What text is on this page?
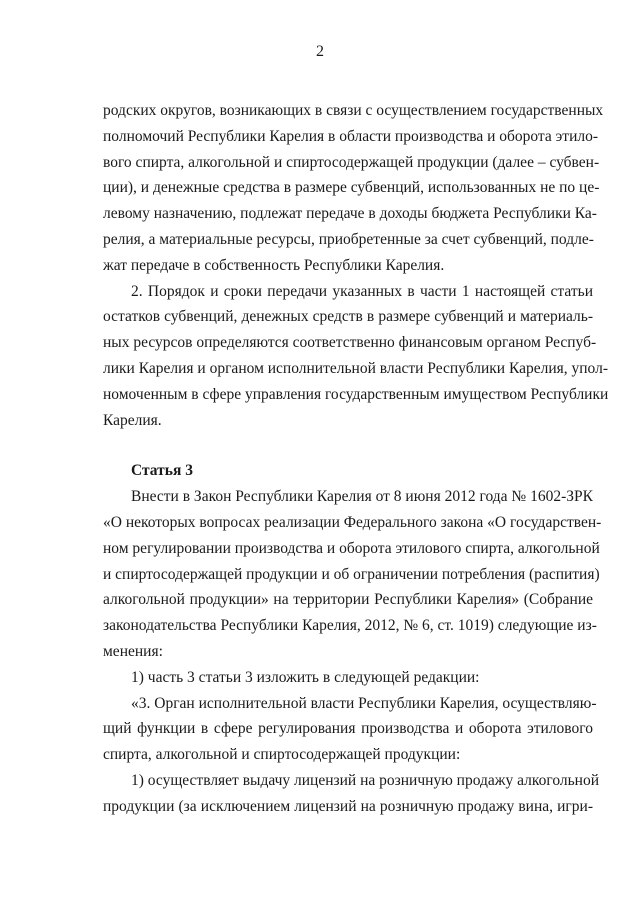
2
родских округов, возникающих в связи с осуществлением государственных
полномочий Республики Карелия в области производства и оборота этило-
вого спирта, алкогольной и спиртосодержащей продукции (далее – субвен-
ции), и денежные средства в размере субвенций, использованных не по це-
левому назначению, подлежат передаче в доходы бюджета Республики Ка-
релия, а материальные ресурсы, приобретенные за счет субвенций, подле-
жат передаче в собственность Республики Карелия.
2. Порядок и сроки передачи указанных в части 1 настоящей статьи
остатков субвенций, денежных средств в размере субвенций и материаль-
ных ресурсов определяются соответственно финансовым органом Респуб-
лики Карелия и органом исполнительной власти Республики Карелия, упол-
номоченным в сфере управления государственным имуществом Республики
Карелия.
Статья 3
Внести в Закон Республики Карелия от 8 июня 2012 года № 1602-ЗРК
«О некоторых вопросах реализации Федерального закона «О государствен-
ном регулировании производства и оборота этилового спирта, алкогольной
и спиртосодержащей продукции и об ограничении потребления (распития)
алкогольной продукции» на территории Республики Карелия» (Собрание
законодательства Республики Карелия, 2012, № 6, ст. 1019) следующие из-
менения:
1) часть 3 статьи 3 изложить в следующей редакции:
«3. Орган исполнительной власти Республики Карелия, осуществляю-
щий функции в сфере регулирования производства и оборота этилового
спирта, алкогольной и спиртосодержащей продукции:
1) осуществляет выдачу лицензий на розничную продажу алкогольной
продукции (за исключением лицензий на розничную продажу вина, игри-
